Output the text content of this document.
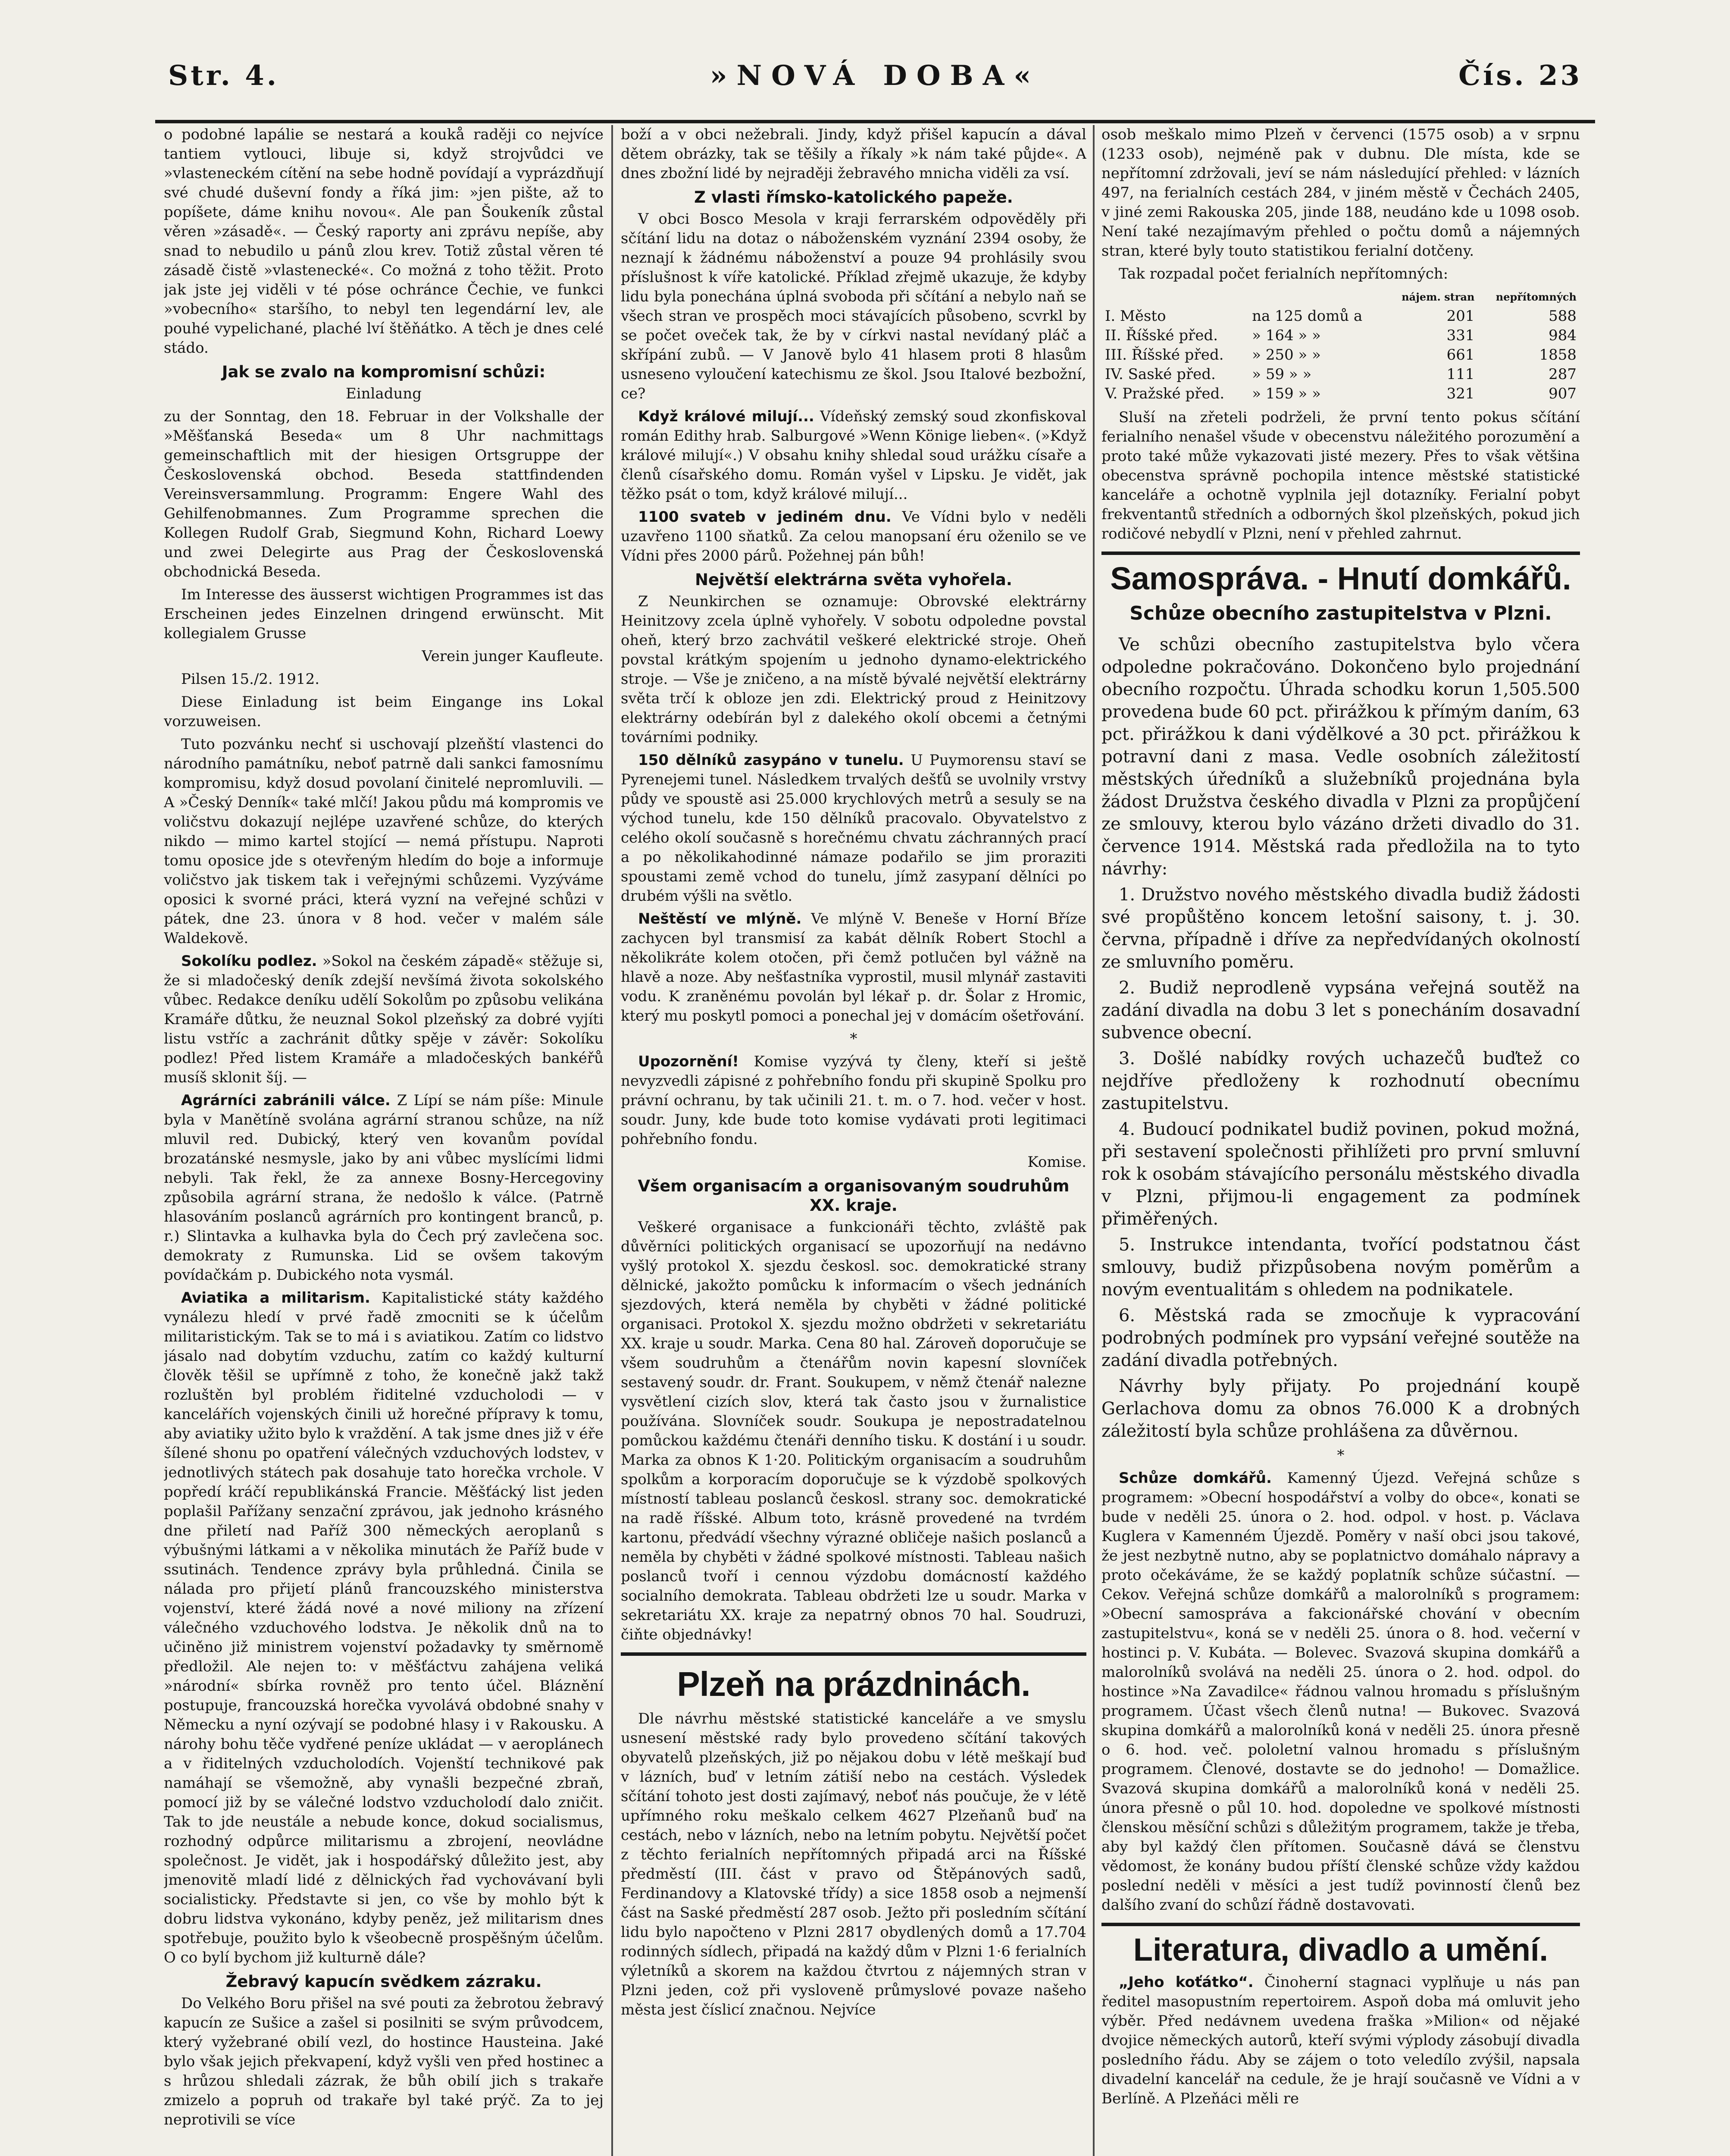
Str. 4.	»NOVÁ DOBA«	Čís. 23

o podobné lapálie se nestará a koukå raději co nejvíce tantiem vytlouci, libuje si, když strojvůdci ve »vlasteneckém cítění na sebe hodně povídají a vyprázdňují své chudé duševní fondy a říká jim: »jen pište, až to popíšete, dáme knihu novou«. Ale pan Šoukeník zůstal věren »zásadě«. — Český raporty ani zprávu nepíše, aby snad to nebudilo u pánů zlou krev. Totiž zůstal věren té zásadě čistě »vlastenecké«. Co možná z toho těžit. Proto jak jste jej viděli v té póse ochránce Čechie, ve funkci »vobecního« staršího, to nebyl ten legendární lev, ale pouhé vypelichané, plaché lví štěňátko. A těch je dnes celé stádo.

Jak se zvalo na kompromisní schůzi:

Einladung

zu der Sonntag, den 18. Februar in der Volkshalle der »Měšťanská Beseda« um 8 Uhr nachmittags gemeinschaftlich mit der hiesigen Ortsgruppe der Československá obchod. Beseda stattfindenden Vereinsversammlung. Programm: Engere Wahl des Gehilfenobmannes. Zum Programme sprechen die Kollegen Rudolf Grab, Siegmund Kohn, Richard Loewy und zwei Delegirte aus Prag der Československá obchodnická Beseda.

Im Interesse des äusserst wichtigen Programmes ist das Erscheinen jedes Einzelnen dringend erwünscht. Mit kollegialem Grusse

Verein junger Kaufleute.

Pilsen 15./2. 1912.

Diese Einladung ist beim Eingange ins Lokal vorzuweisen.

Tuto pozvánku nechť si uschovají plzeňští vlastenci do národního památníku, neboť patrně dali sankci famosnímu kompromisu, když dosud povolaní činitelé nepromluvili. — A »Český Denník« také mlčí! Jakou půdu má kompromis ve voličstvu dokazují nejlépe uzavřené schůze, do kterých nikdo — mimo kartel stojící — nemá přístupu. Naproti tomu oposice jde s otevřeným hledím do boje a informuje voličstvo jak tiskem tak i veřejnými schůzemi. Vyzýváme oposici k svorné práci, která vyzní na veřejné schůzi v pátek, dne 23. února v 8 hod. večer v malém sále Waldekově.

Sokolíku podlez. »Sokol na českém západě« stěžuje si, že si mladočeský deník zdejší nevšímá života sokolského vůbec. Redakce deníku udělí Sokolům po způsobu velikána Kramáře důtku, že neuznal Sokol plzeňský za dobré vyjíti listu vstříc a zachránit důtky spěje v závěr: Sokolíku podlez! Před listem Kramáře a mladočeských bankéřů musíš sklonit šíj. —

Agrárníci zabránili válce. Z Lípí se nám píše: Minule byla v Manětíně svolána agrární stranou schůze, na níž mluvil red. Dubický, který ven kovanům povídal brozatánské nesmysle, jako by ani vůbec myslícími lidmi nebyli. Tak řekl, že za annexe Bosny-Hercegoviny způsobila agrární strana, že nedošlo k válce. (Patrně hlasováním poslanců agrárních pro kontingent branců, p. r.) Slintavka a kulhavka byla do Čech prý zavlečena soc. demokraty z Rumunska. Lid se ovšem takovým povídačkám p. Dubického nota vysmál.

Aviatika a militarism. Kapitalistické státy každého vynálezu hledí v prvé řadě zmocniti se k účelům militaristickým. Tak se to má i s aviatikou. Zatím co lidstvo jásalo nad dobytím vzduchu, zatím co každý kulturní člověk těšil se upřímně z toho, že konečně jakž takž rozluštěn byl problém řiditelné vzducholodi — v kancelářích vojenských činili už horečné přípravy k tomu, aby aviatiky užito bylo k vraždění. A tak jsme dnes již v éře šílené shonu po opatření válečných vzduchových lodstev, v jednotlivých státech pak dosahuje tato horečka vrchole. V popředí kráčí republikánská Francie. Měšťácký list jeden poplašil Pařížany senzační zprávou, jak jednoho krásného dne přiletí nad Paříž 300 německých aeroplanů s výbušnými látkami a v několika minutách že Paříž bude v ssutinách. Tendence zprávy byla průhledná. Činila se nálada pro přijetí plánů francouzského ministerstva vojenství, které žádá nové a nové miliony na zřízení válečného vzduchového lodstva. Je několik dnů na to učiněno již ministrem vojenství požadavky ty směrnomě předložil. Ale nejen to: v měšťáctvu zahájena veliká »národní« sbírka rovněž pro tento účel. Bláznění postupuje, francouzská horečka vyvolává obdobné snahy v Německu a nyní ozývají se podobné hlasy i v Rakousku. A nárohy bohu těče vydřené peníze ukládat — v aeroplánech a v řiditelných vzducholodích. Vojenští technikové pak namáhají se všemožně, aby vynašli bezpečné zbraň, pomocí již by se válečné lodstvo vzducholodí dalo zničit. Tak to jde neustále a nebude konce, dokud socialismus, rozhodný odpůrce militarismu a zbrojení, neovládne společnost. Je vidět, jak i hospodářský důležito jest, aby jmenovitě mladí lidé z dělnických řad vychovávaní byli socialisticky. Představte si jen, co vše by mohlo být k dobru lidstva vykonáno, kdyby peněz, jež militarism dnes spotřebuje, použito bylo k všeobecně prospěšným účelům. O co bylí bychom již kulturně dále?

Žebravý kapucín svědkem zázraku.

Do Velkého Boru přišel na své pouti za žebrotou žebravý kapucín ze Sušice a zašel si posilniti se svým průvodcem, který vyžebrané obilí vezl, do hostince Hausteina. Jaké bylo však jejich překvapení, když vyšli ven před hostinec a s hrůzou shledali zázrak, že bůh obilí jich s trakaře zmizelo a popruh od trakaře byl také prýč. Za to jej neprotivili se více

boží a v obci nežebrali. Jindy, když přišel kapucín a dával dětem obrázky, tak se těšily a říkaly »k nám také půjde«. A dnes zbožní lidé by nejraději žebravého mnicha viděli za vsí.

Z vlasti římsko-katolického papeže.

V obci Bosco Mesola v kraji ferrarském odpověděly při sčítání lidu na dotaz o náboženském vyznání 2394 osoby, že neznají k žádnému náboženství a pouze 94 prohlásily svou příslušnost k víře katolické. Příklad zřejmě ukazuje, že kdyby lidu byla ponechána úplná svoboda při sčítání a nebylo naň se všech stran ve prospěch moci stávajících působeno, scvrkl by se počet oveček tak, že by v církvi nastal nevídaný pláč a skřípání zubů. — V Janově bylo 41 hlasem proti 8 hlasům usneseno vyloučení katechismu ze škol. Jsou Italové bezbožní, ce?

Když králové milují... Vídeňský zemský soud zkonfiskoval román Edithy hrab. Salburgové »Wenn Könige lieben«. (»Když králové milují«.) V obsahu knihy shledal soud urážku císaře a členů císařského domu. Román vyšel v Lipsku. Je vidět, jak těžko psát o tom, když králové milují...

1100 svateb v jediném dnu. Ve Vídni bylo v neděli uzavřeno 1100 sňatků. Za celou manopsaní éru oženilo se ve Vídni přes 2000 párů. Požehnej pán bůh!

Největší elektrárna světa vyhořela.

Z Neunkirchen se oznamuje: Obrovské elektrárny Heinitzovy zcela úplně vyhořely. V sobotu odpoledne povstal oheň, který brzo zachvátil veškeré elektrické stroje. Oheň povstal krátkým spojením u jednoho dynamo-elektrického stroje. — Vše je zničeno, a na místě bývalé největší elektrárny světa trčí k obloze jen zdi. Elektrický proud z Heinitzovy elektrárny odebírán byl z dalekého okolí obcemi a četnými továrními podniky.

150 dělníků zasypáno v tunelu. U Puymorensu staví se Pyrenejemi tunel. Následkem trvalých dešťů se uvolnily vrstvy půdy ve spoustě asi 25.000 krychlových metrů a sesuly se na východ tunelu, kde 150 dělníků pracovalo. Obyvatelstvo z celého okolí současně s horečnému chvatu záchranných prací a po několikahodinné námaze podařilo se jim proraziti spoustami země vchod do tunelu, jímž zasypaní dělníci po drubém výšli na světlo.

Neštěstí ve mlýně. Ve mlýně V. Beneše v Horní Bříze zachycen byl transmisí za kabát dělník Robert Stochl a několikráte kolem otočen, při čemž potlučen byl vážně na hlavě a noze. Aby nešťastníka vyprostil, musil mlynář zastaviti vodu. K zraněnému povolán byl lékař p. dr. Šolar z Hromic, který mu poskytl pomoci a ponechal jej v domácím ošetřování.

*

Upozornění! Komise vyzývá ty členy, kteří si ještě nevyzvedli zápisné z pohřebního fondu při skupině Spolku pro právní ochranu, by tak učinili 21. t. m. o 7. hod. večer v host. soudr. Juny, kde bude toto komise vydávati proti legitimaci pohřebního fondu.

Komise.

Všem organisacím a organisovaným soudruhům XX. kraje.

Veškeré organisace a funkcionáři těchto, zvláště pak důvěrníci politických organisací se upozorňují na nedávno vyšlý protokol X. sjezdu českosl. soc. demokratické strany dělnické, jakožto pomůcku k informacím o všech jednáních sjezdových, která neměla by chyběti v žádné politické organisaci. Protokol X. sjezdu možno obdržeti v sekretariátu XX. kraje u soudr. Marka. Cena 80 hal. Zároveň doporučuje se všem soudruhům a čtenářům novin kapesní slovníček sestavený soudr. dr. Frant. Soukupem, v němž čtenář nalezne vysvětlení cizích slov, která tak často jsou v žurnalistice používána. Slovníček soudr. Soukupa je nepostradatelnou pomůckou každému čtenáři denního tisku. K dostání i u soudr. Marka za obnos K 1·20. Politickým organisacím a soudruhům spolkům a korporacím doporučuje se k výzdobě spolkových místností tableau poslanců českosl. strany soc. demokratické na radě říšské. Album toto, krásně provedené na tvrdém kartonu, předvádí všechny výrazné obličeje našich poslanců a neměla by chyběti v žádné spolkové místnosti. Tableau našich poslanců tvoří i cennou výzdobu domácností každého socialního demokrata. Tableau obdržeti lze u soudr. Marka v sekretariátu XX. kraje za nepatrný obnos 70 hal. Soudruzi, čiňte objednávky!

Plzeň na prázdninách.

Dle návrhu městské statistické kanceláře a ve smyslu usnesení městské rady bylo provedeno sčítání takových obyvatelů plzeňských, již po nějakou dobu v létě meškají buď v lázních, buď v letním zátiší nebo na cestách. Výsledek sčítání tohoto jest dosti zajímavý, neboť nás poučuje, že v létě upřímného roku meškalo celkem 4627 Plzeňanů buď na cestách, nebo v lázních, nebo na letním pobytu. Největší počet z těchto ferialních nepřítomných připadá arci na Říšské předměstí (III. část v pravo od Štěpánových sadů, Ferdinandovy a Klatovské třídy) a sice 1858 osob a nejmenší část na Saské předměstí 287 osob. Ježto při posledním sčítání lidu bylo napočteno v Plzni 2817 obydlených domů a 17.704 rodinných sídlech, připadá na každý dům v Plzni 1·6 ferialních výletníků a skorem na každou čtvrtou z nájemných stran v Plzni jeden, což při vysloveně průmyslové povaze našeho města jest číslicí značnou. Nejvíce

osob meškalo mimo Plzeň v červenci (1575 osob) a v srpnu (1233 osob), nejméně pak v dubnu. Dle místa, kde se nepřítomní zdržovali, jeví se nám následující přehled: v lázních 497, na ferialních cestách 284, v jiném městě v Čechách 2405, v jiné zemi Rakouska 205, jinde 188, neudáno kde u 1098 osob. Není také nezajímavým přehled o počtu domů a nájemných stran, které byly touto statistikou ferialní dotčeny.

Tak rozpadal počet ferialních nepřítomných:

		nájem. stran	nepřítomných
I. Město	na 125 domů a	201	588
II. Říšské před.	» 164 » »	331	984
III. Říšské před.	» 250 » »	661	1858
IV. Saské před.	» 59 » »	111	287
V. Pražské před.	» 159 » »	321	907

Sluší na zřeteli podrželi, že první tento pokus sčítání ferialního nenašel všude v obecenstvu náležitého porozumění a proto také může vykazovati jisté mezery. Přes to však většina obecenstva správně pochopila intence městské statistické kanceláře a ochotně vyplnila jejl dotazníky. Ferialní pobyt frekventantů středních a odborných škol plzeňských, pokud jich rodičové nebydlí v Plzni, není v přehled zahrnut.

Samospráva. - Hnutí domkářů.
Schůze obecního zastupitelstva v Plzni.

Ve schůzi obecního zastupitelstva bylo včera odpoledne pokračováno. Dokončeno bylo projednání obecního rozpočtu. Úhrada schodku korun 1,505.500 provedena bude 60 pct. přirážkou k přímým daním, 63 pct. přirážkou k dani výdělkové a 30 pct. přirážkou k potravní dani z masa. Vedle osobních záležitostí městských úředníků a služebníků projednána byla žádost Družstva českého divadla v Plzni za propůjčení ze smlouvy, kterou bylo vázáno držeti divadlo do 31. července 1914. Městská rada předložila na to tyto návrhy:

1. Družstvo nového městského divadla budiž žádosti své propůštěno koncem letošní saisony, t. j. 30. června, případně i dříve za nepředvídaných okolností ze smluvního poměru.

2. Budiž neprodleně vypsána veřejná soutěž na zadání divadla na dobu 3 let s ponecháním dosavadní subvence obecní.

3. Došlé nabídky rových uchazečů buďtež co nejdříve předloženy k rozhodnutí obecnímu zastupitelstvu.

4. Budoucí podnikatel budiž povinen, pokud možná, při sestavení společnosti přihlížeti pro první smluvní rok k osobám stávajícího personálu městského divadla v Plzni, přijmou-li engagement za podmínek přiměřených.

5. Instrukce intendanta, tvořící podstatnou část smlouvy, budiž přizpůsobena novým poměrům a novým eventualitám s ohledem na podnikatele.

6. Městská rada se zmocňuje k vypracování podrobných podmínek pro vypsání veřejné soutěže na zadání divadla potřebných.

Návrhy byly přijaty. Po projednání koupě Gerlachova domu za obnos 76.000 K a drobných záležitostí byla schůze prohlášena za důvěrnou.

*

Schůze domkářů. Kamenný Újezd. Veřejná schůze s programem: »Obecní hospodářství a volby do obce«, konati se bude v neděli 25. února o 2. hod. odpol. v host. p. Václava Kuglera v Kamenném Újezdě. Poměry v naší obci jsou takové, že jest nezbytně nutno, aby se poplatnictvo domáhalo nápravy a proto očekáváme, že se každý poplatník schůze súčastní. — Cekov. Veřejná schůze domkářů a malorolníků s programem: »Obecní samospráva a fakcionářské chování v obecním zastupitelstvu«, koná se v neděli 25. února o 8. hod. večerní v hostinci p. V. Kubáta. — Bolevec. Svazová skupina domkářů a malorolníků svolává na neděli 25. února o 2. hod. odpol. do hostince »Na Zavadilce« řádnou valnou hromadu s příslušným programem. Účast všech členů nutna! — Bukovec. Svazová skupina domkářů a malorolníků koná v neděli 25. února přesně o 6. hod. več. pololetní valnou hromadu s příslušným programem. Členové, dostavte se do jednoho! — Domažlice. Svazová skupina domkářů a malorolníků koná v neděli 25. února přesně o půl 10. hod. dopoledne ve spolkové místnosti členskou měsíční schůzi s důležitým programem, takže je třeba, aby byl každý člen přítomen. Současně dává se členstvu vědomost, že konány budou příští členské schůze vždy každou poslední neděli v měsíci a jest tudíž povinností členů bez dalšího zvaní do schůzí řádně dostavovati.

Literatura, divadlo a umění.

„Jeho koťátko“. Činoherní stagnaci vyplňuje u nás pan ředitel masopustním repertoirem. Aspoň doba má omluvit jeho výběr. Před nedávnem uvedena fraška »Milion« od nějaké dvojice německých autorů, kteří svými výplody zásobují divadla posledního řádu. Aby se zájem o toto veledílo zvýšil, napsala divadelní kancelář na cedule, že je hrají současně ve Vídni a v Berlíně. A Plzeňáci měli re
